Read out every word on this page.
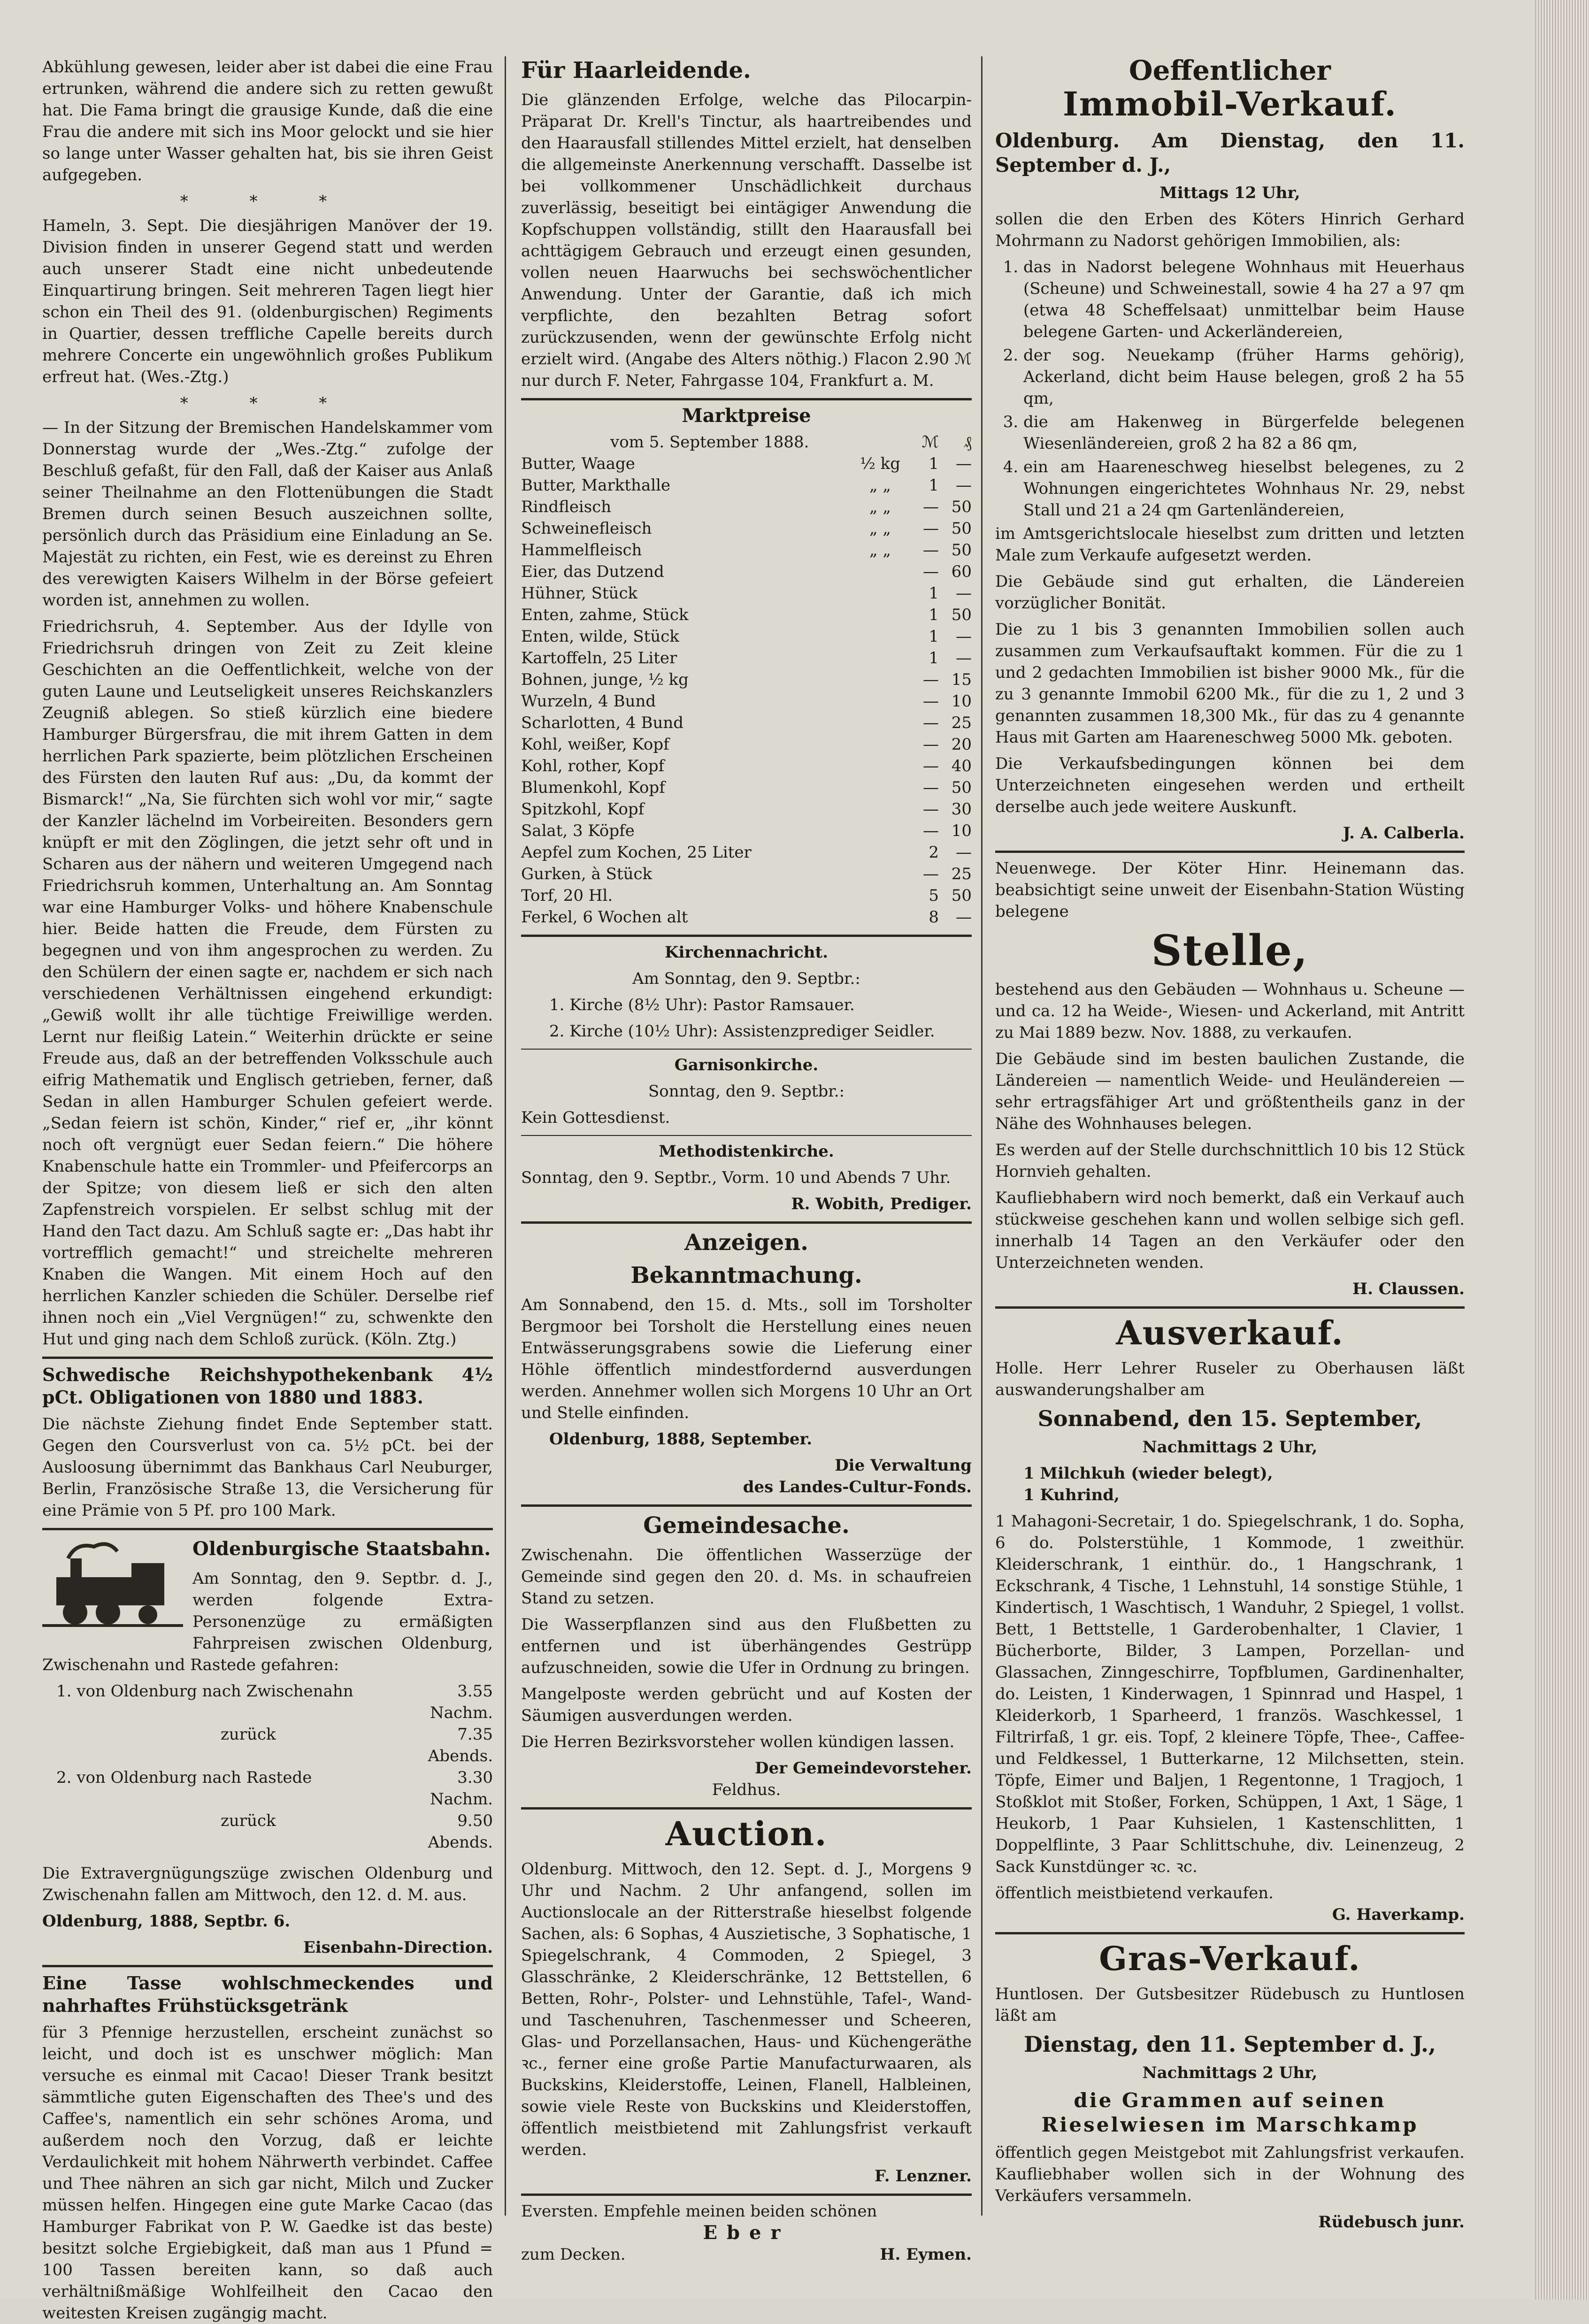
Abkühlung gewesen, leider aber ist dabei die eine Frau ertrunken, während die andere sich zu retten gewußt hat. Die Fama bringt die grausige Kunde, daß die eine Frau die andere mit sich ins Moor gelockt und sie hier so lange unter Wasser gehalten hat, bis sie ihren Geist aufgegeben.

* * *

Hameln, 3. Sept. Die diesjährigen Manöver der 19. Division finden in unserer Gegend statt und werden auch unserer Stadt eine nicht unbedeutende Einquartirung bringen. Seit mehreren Tagen liegt hier schon ein Theil des 91. (oldenburgischen) Regiments in Quartier, dessen treffliche Capelle bereits durch mehrere Concerte ein ungewöhnlich großes Publikum erfreut hat. (Wes.-Ztg.)

* * *

— In der Sitzung der Bremischen Handelskammer vom Donnerstag wurde der „Wes.-Ztg.“ zufolge der Beschluß gefaßt, für den Fall, daß der Kaiser aus Anlaß seiner Theilnahme an den Flottenübungen die Stadt Bremen durch seinen Besuch auszeichnen sollte, persönlich durch das Präsidium eine Einladung an Se. Majestät zu richten, ein Fest, wie es dereinst zu Ehren des verewigten Kaisers Wilhelm in der Börse gefeiert worden ist, annehmen zu wollen.

Friedrichsruh, 4. September. Aus der Idylle von Friedrichsruh dringen von Zeit zu Zeit kleine Geschichten an die Oeffentlichkeit, welche von der guten Laune und Leutseligkeit unseres Reichskanzlers Zeugniß ablegen. So stieß kürzlich eine biedere Hamburger Bürgersfrau, die mit ihrem Gatten in dem herrlichen Park spazierte, beim plötzlichen Erscheinen des Fürsten den lauten Ruf aus: „Du, da kommt der Bismarck!“ „Na, Sie fürchten sich wohl vor mir,“ sagte der Kanzler lächelnd im Vorbeireiten. Besonders gern knüpft er mit den Zöglingen, die jetzt sehr oft und in Scharen aus der nähern und weiteren Umgegend nach Friedrichsruh kommen, Unterhaltung an. Am Sonntag war eine Hamburger Volks- und höhere Knabenschule hier. Beide hatten die Freude, dem Fürsten zu begegnen und von ihm angesprochen zu werden. Zu den Schülern der einen sagte er, nachdem er sich nach verschiedenen Verhältnissen eingehend erkundigt: „Gewiß wollt ihr alle tüchtige Freiwillige werden. Lernt nur fleißig Latein.“ Weiterhin drückte er seine Freude aus, daß an der betreffenden Volksschule auch eifrig Mathematik und Englisch getrieben, ferner, daß Sedan in allen Hamburger Schulen gefeiert werde. „Sedan feiern ist schön, Kinder,“ rief er, „ihr könnt noch oft vergnügt euer Sedan feiern.“ Die höhere Knabenschule hatte ein Trommler- und Pfeifercorps an der Spitze; von diesem ließ er sich den alten Zapfenstreich vorspielen. Er selbst schlug mit der Hand den Tact dazu. Am Schluß sagte er: „Das habt ihr vortrefflich gemacht!“ und streichelte mehreren Knaben die Wangen. Mit einem Hoch auf den herrlichen Kanzler schieden die Schüler. Derselbe rief ihnen noch ein „Viel Vergnügen!“ zu, schwenkte den Hut und ging nach dem Schloß zurück. (Köln. Ztg.)

Schwedische Reichshypothekenbank 4½ pCt. Obligationen von 1880 und 1883.

Die nächste Ziehung findet Ende September statt. Gegen den Coursverlust von ca. 5½ pCt. bei der Ausloosung übernimmt das Bankhaus Carl Neuburger, Berlin, Französische Straße 13, die Versicherung für eine Prämie von 5 Pf. pro 100 Mark.

Oldenburgische Staatsbahn.

Am Sonntag, den 9. Septbr. d. J., werden folgende Extra-Personenzüge zu ermäßigten Fahrpreisen zwischen Oldenburg, Zwischenahn und Rastede gefahren:

1. von Oldenburg nach Zwischenahn	3.55 Nachm.
zurück	7.35 Abends.
2. von Oldenburg nach Rastede	3.30 Nachm.
zurück	9.50 Abends.

Die Extravergnügungszüge zwischen Oldenburg und Zwischenahn fallen am Mittwoch, den 12. d. M. aus.

Oldenburg, 1888, Septbr. 6.

Eisenbahn-Direction.

Eine Tasse wohlschmeckendes und nahrhaftes Frühstücksgetränk

für 3 Pfennige herzustellen, erscheint zunächst so leicht, und doch ist es unschwer möglich: Man versuche es einmal mit Cacao! Dieser Trank besitzt sämmtliche guten Eigenschaften des Thee's und des Caffee's, namentlich ein sehr schönes Aroma, und außerdem noch den Vorzug, daß er leichte Verdaulichkeit mit hohem Nährwerth verbindet. Caffee und Thee nähren an sich gar nicht, Milch und Zucker müssen helfen. Hingegen eine gute Marke Cacao (das Hamburger Fabrikat von P. W. Gaedke ist das beste) besitzt solche Ergiebigkeit, daß man aus 1 Pfund = 100 Tassen bereiten kann, so daß auch verhältnißmäßige Wohlfeilheit den Cacao den weitesten Kreisen zugängig macht.

Für Haarleidende.

Die glänzenden Erfolge, welche das Pilocarpin-Präparat Dr. Krell's Tinctur, als haartreibendes und den Haarausfall stillendes Mittel erzielt, hat denselben die allgemeinste Anerkennung verschafft. Dasselbe ist bei vollkommener Unschädlichkeit durchaus zuverlässig, beseitigt bei eintägiger Anwendung die Kopfschuppen vollständig, stillt den Haarausfall bei achttägigem Gebrauch und erzeugt einen gesunden, vollen neuen Haarwuchs bei sechswöchentlicher Anwendung. Unter der Garantie, daß ich mich verpflichte, den bezahlten Betrag sofort zurückzusenden, wenn der gewünschte Erfolg nicht erzielt wird. (Angabe des Alters nöthig.) Flacon 2.90 ℳ nur durch F. Neter, Fahrgasse 104, Frankfurt a. M.

Marktpreise

vom 5. September 1888.	ℳ	₰
Butter, Waage	½ kg	1	—
Butter, Markthalle	„ „	1	—
Rindfleisch	„ „	— 50
Schweinefleisch	„ „	— 50
Hammelfleisch	„ „	— 50
Eier, das Dutzend	— 60
Hühner, Stück	1	—
Enten, zahme, Stück	1 50
Enten, wilde, Stück	1	—
Kartoffeln, 25 Liter	1	—
Bohnen, junge, ½ kg	— 15
Wurzeln, 4 Bund	— 10
Scharlotten, 4 Bund	— 25
Kohl, weißer, Kopf	— 20
Kohl, rother, Kopf	— 40
Blumenkohl, Kopf	— 50
Spitzkohl, Kopf	— 30
Salat, 3 Köpfe	— 10
Aepfel zum Kochen, 25 Liter	2	—
Gurken, à Stück	— 25
Torf, 20 Hl.	5 50
Ferkel, 6 Wochen alt	8	—

Kirchennachricht.

Am Sonntag, den 9. Septbr.:

1. Kirche (8½ Uhr): Pastor Ramsauer.

2. Kirche (10½ Uhr): Assistenzprediger Seidler.

Garnisonkirche.

Sonntag, den 9. Septbr.:

Kein Gottesdienst.

Methodistenkirche.

Sonntag, den 9. Septbr., Vorm. 10 und Abends 7 Uhr.

R. Wobith, Prediger.

Anzeigen.

Bekanntmachung.

Am Sonnabend, den 15. d. Mts., soll im Torsholter Bergmoor bei Torsholt die Herstellung eines neuen Entwässerungsgrabens sowie die Lieferung einer Höhle öffentlich mindestfordernd ausverdungen werden. Annehmer wollen sich Morgens 10 Uhr an Ort und Stelle einfinden.

Oldenburg, 1888, September.

Die Verwaltung

des Landes-Cultur-Fonds.

Gemeindesache.

Zwischenahn. Die öffentlichen Wasserzüge der Gemeinde sind gegen den 20. d. Ms. in schaufreien Stand zu setzen.

Die Wasserpflanzen sind aus den Flußbetten zu entfernen und ist überhängendes Gestrüpp aufzuschneiden, sowie die Ufer in Ordnung zu bringen.

Mangelposte werden gebrücht und auf Kosten der Säumigen ausverdungen werden.

Die Herren Bezirksvorsteher wollen kündigen lassen.

Der Gemeindevorsteher.

Feldhus.

Auction.

Oldenburg. Mittwoch, den 12. Sept. d. J., Morgens 9 Uhr und Nachm. 2 Uhr anfangend, sollen im Auctionslocale an der Ritterstraße hieselbst folgende Sachen, als: 6 Sophas, 4 Auszietische, 3 Sophatische, 1 Spiegelschrank, 4 Commoden, 2 Spiegel, 3 Glasschränke, 2 Kleiderschränke, 12 Bettstellen, 6 Betten, Rohr-, Polster- und Lehnstühle, Tafel-, Wand- und Taschenuhren, Taschenmesser und Scheeren, Glas- und Porzellansachen, Haus- und Küchengeräthe ꝛc., ferner eine große Partie Manufacturwaaren, als Buckskins, Kleiderstoffe, Leinen, Flanell, Halbleinen, sowie viele Reste von Buckskins und Kleiderstoffen, öffentlich meistbietend mit Zahlungsfrist verkauft werden.

F. Lenzner.

Eversten. Empfehle meinen beiden schönen

Eber

zum Decken.	H. Eymen.

Oeffentlicher

Immobil-Verkauf.

Oldenburg. Am Dienstag, den 11. September d. J.,

Mittags 12 Uhr,

sollen die den Erben des Köters Hinrich Gerhard Mohrmann zu Nadorst gehörigen Immobilien, als:

1. das in Nadorst belegene Wohnhaus mit Heuerhaus (Scheune) und Schweinestall, sowie 4 ha 27 a 97 qm (etwa 48 Scheffelsaat) unmittelbar beim Hause belegene Garten- und Ackerländereien,
2. der sog. Neuekamp (früher Harms gehörig), Ackerland, dicht beim Hause belegen, groß 2 ha 55 qm,
3. die am Hakenweg in Bürgerfelde belegenen Wiesenländereien, groß 2 ha 82 a 86 qm,
4. ein am Haareneschweg hieselbst belegenes, zu 2 Wohnungen eingerichtetes Wohnhaus Nr. 29, nebst Stall und 21 a 24 qm Gartenländereien,

im Amtsgerichtslocale hieselbst zum dritten und letzten Male zum Verkaufe aufgesetzt werden.

Die Gebäude sind gut erhalten, die Ländereien vorzüglicher Bonität.

Die zu 1 bis 3 genannten Immobilien sollen auch zusammen zum Verkaufsauftakt kommen. Für die zu 1 und 2 gedachten Immobilien ist bisher 9000 Mk., für die zu 3 genannte Immobil 6200 Mk., für die zu 1, 2 und 3 genannten zusammen 18,300 Mk., für das zu 4 genannte Haus mit Garten am Haareneschweg 5000 Mk. geboten.

Die Verkaufsbedingungen können bei dem Unterzeichneten eingesehen werden und ertheilt derselbe auch jede weitere Auskunft.

J. A. Calberla.

Neuenwege. Der Köter Hinr. Heinemann das. beabsichtigt seine unweit der Eisenbahn-Station Wüsting belegene

Stelle,

bestehend aus den Gebäuden — Wohnhaus u. Scheune — und ca. 12 ha Weide-, Wiesen- und Ackerland, mit Antritt zu Mai 1889 bezw. Nov. 1888, zu verkaufen.

Die Gebäude sind im besten baulichen Zustande, die Ländereien — namentlich Weide- und Heuländereien — sehr ertragsfähiger Art und größtentheils ganz in der Nähe des Wohnhauses belegen.

Es werden auf der Stelle durchschnittlich 10 bis 12 Stück Hornvieh gehalten.

Kaufliebhabern wird noch bemerkt, daß ein Verkauf auch stückweise geschehen kann und wollen selbige sich gefl. innerhalb 14 Tagen an den Verkäufer oder den Unterzeichneten wenden.

H. Claussen.

Ausverkauf.

Holle. Herr Lehrer Ruseler zu Oberhausen läßt auswanderungshalber am

Sonnabend, den 15. September,

Nachmittags 2 Uhr,

1 Milchkuh (wieder belegt),

1 Kuhrind,

1 Mahagoni-Secretair, 1 do. Spiegelschrank, 1 do. Sopha, 6 do. Polsterstühle, 1 Kommode, 1 zweithür. Kleiderschrank, 1 einthür. do., 1 Hangschrank, 1 Eckschrank, 4 Tische, 1 Lehnstuhl, 14 sonstige Stühle, 1 Kindertisch, 1 Waschtisch, 1 Wanduhr, 2 Spiegel, 1 vollst. Bett, 1 Bettstelle, 1 Garderobenhalter, 1 Clavier, 1 Bücherborte, Bilder, 3 Lampen, Porzellan- und Glassachen, Zinngeschirre, Topfblumen, Gardinenhalter, do. Leisten, 1 Kinderwagen, 1 Spinnrad und Haspel, 1 Kleiderkorb, 1 Sparheerd, 1 französ. Waschkessel, 1 Filtrirfaß, 1 gr. eis. Topf, 2 kleinere Töpfe, Thee-, Caffee- und Feldkessel, 1 Butterkarne, 12 Milchsetten, stein. Töpfe, Eimer und Baljen, 1 Regentonne, 1 Tragjoch, 1 Stoßklot mit Stoßer, Forken, Schüppen, 1 Axt, 1 Säge, 1 Heukorb, 1 Paar Kuhsielen, 1 Kastenschlitten, 1 Doppelflinte, 3 Paar Schlittschuhe, div. Leinenzeug, 2 Sack Kunstdünger ꝛc. ꝛc.

öffentlich meistbietend verkaufen.

G. Haverkamp.

Gras-Verkauf.

Huntlosen. Der Gutsbesitzer Rüdebusch zu Huntlosen läßt am

Dienstag, den 11. September d. J.,

Nachmittags 2 Uhr,

die Grammen auf seinen Rieselwiesen im Marschkamp

öffentlich gegen Meistgebot mit Zahlungsfrist verkaufen. Kaufliebhaber wollen sich in der Wohnung des Verkäufers versammeln.

Rüdebusch junr.
